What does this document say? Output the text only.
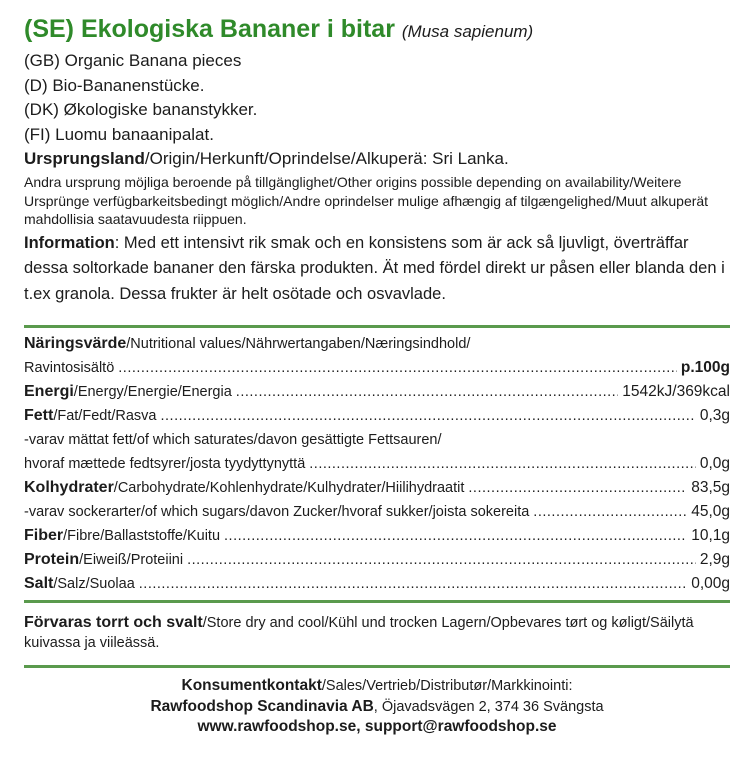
(SE) Ekologiska Bananer i bitar (Musa sapienum)
(GB) Organic Banana pieces
(D) Bio-Bananenstücke.
(DK) Økologiske bananstykker.
(FI) Luomu banaanipalat.
Ursprungsland/Origin/Herkunft/Oprindelse/Alkuperä: Sri Lanka.
Andra ursprung möjliga beroende på tillgänglighet/Other origins possible depending on availability/Weitere Ursprünge verfügbarkeitsbedingt möglich/Andre oprindelser mulige afhængig af tilgængelighed/Muut alkuperät mahdollisia saatavuudesta riippuen.
Information: Med ett intensivt rik smak och en konsistens som är ack så ljuvligt, överträffar dessa soltorkade bananer den färska produkten. Ät med fördel direkt ur påsen eller blanda den i t.ex granola. Dessa frukter är helt osötade och osvavlade.
Näringsvärde/Nutritional values/Nährwertangaben/Næringsindhold/
Ravintosisältö .....	p.100g
Energi/Energy/Energie/Energia .....	1542kJ/369kcal
Fett/Fat/Fedt/Rasva .....	0,3g
-varav mättat fett/of which saturates/davon gesättigte Fettsauren/
hvoraf mættede fedtsyrer/josta tyydyttynyttä .....	0,0g
Kolhydrater/Carbohydrate/Kohlenhydrate/Kulhydrater/Hiilihydraatit .....	83,5g
-varav sockerarter/of which sugars/davon Zucker/hvoraf sukker/joista sokereita .....	45,0g
Fiber/Fibre/Ballaststoffe/Kuitu .....	10,1g
Protein/Eiweiß/Proteiini .....	2,9g
Salt/Salz/Suolaa .....	0,00g
Förvaras torrt och svalt/Store dry and cool/Kühl und trocken Lagern/Opbevares tørt og køligt/Säilytä kuivassa ja viileässä.
Konsumentkontakt/Sales/Vertrieb/Distributør/Markkinointi:
Rawfoodshop Scandinavia AB, Öjavadsvägen 2, 374 36 Svängsta
www.rawfoodshop.se, support@rawfoodshop.se
